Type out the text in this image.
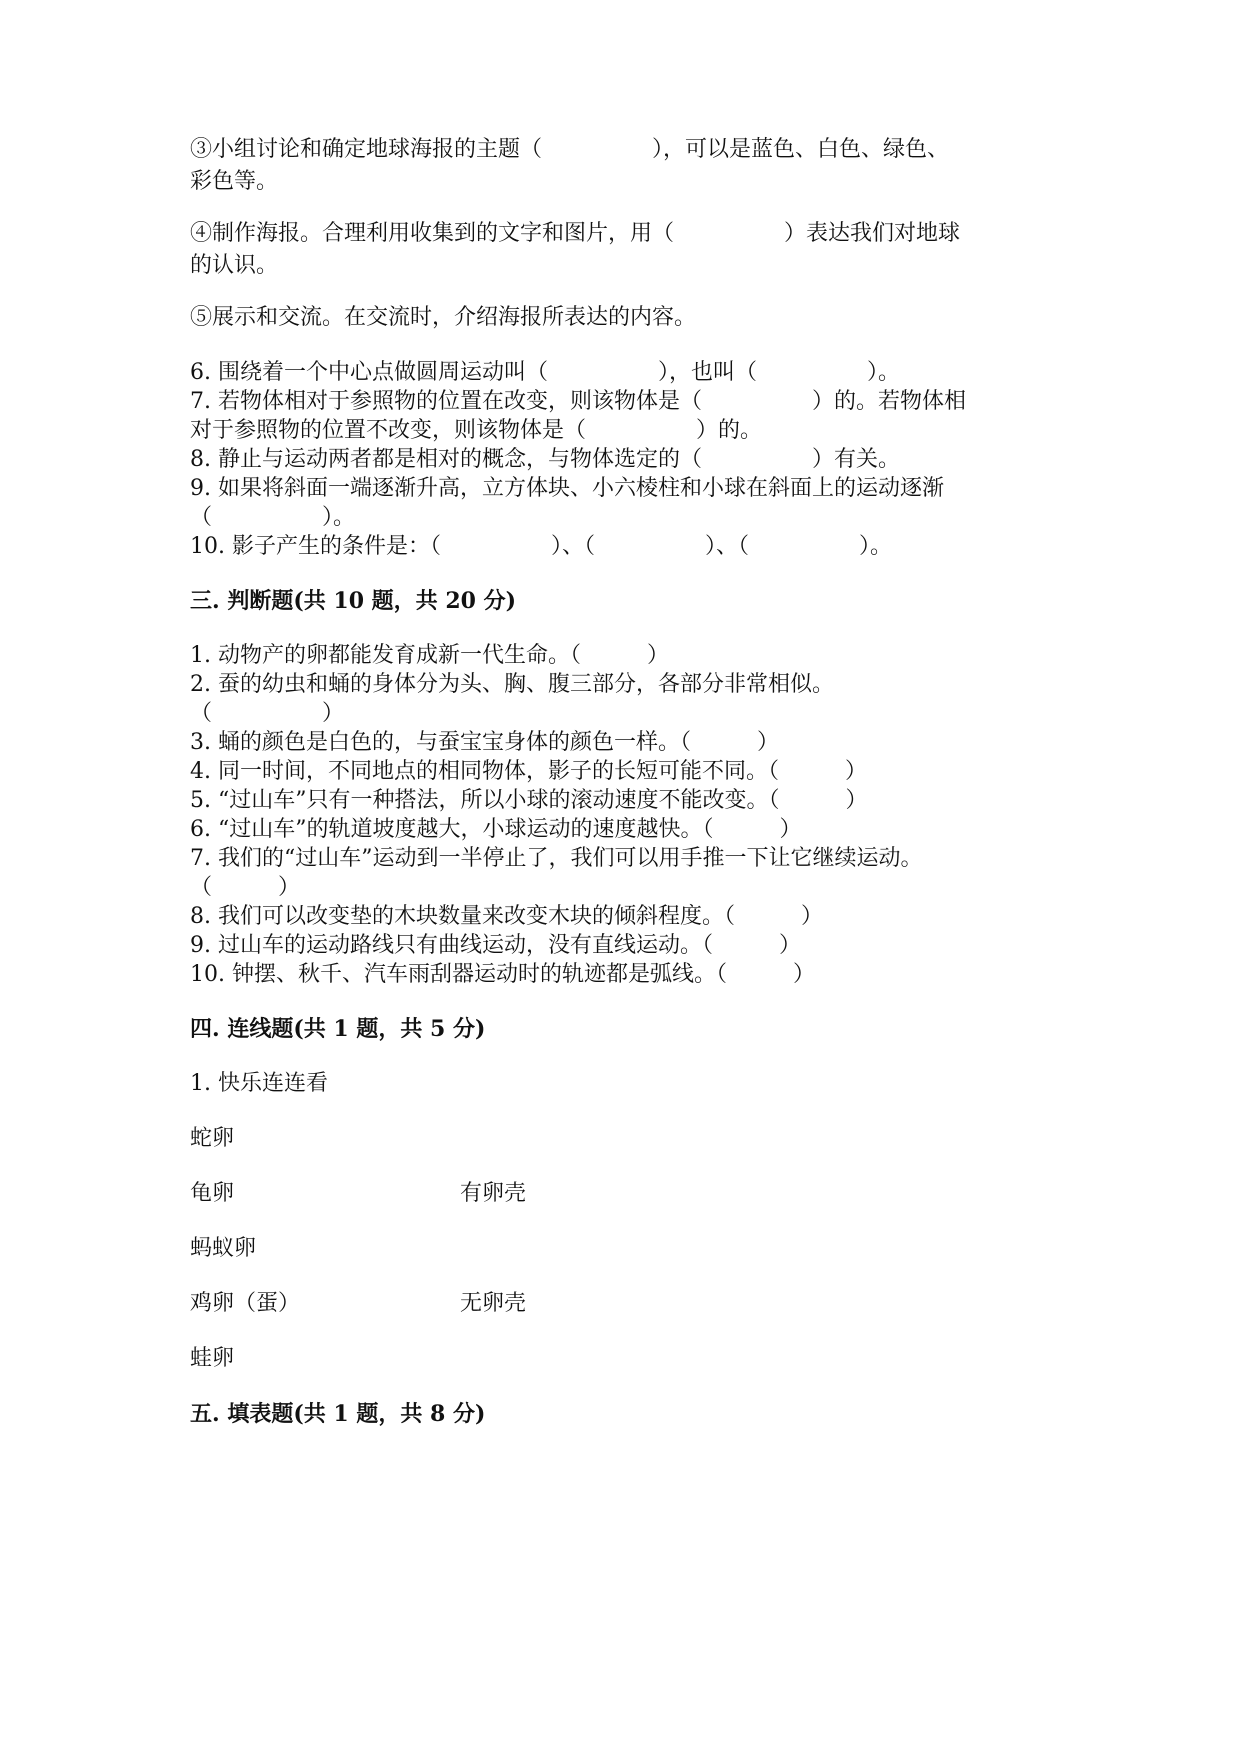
③小组讨论和确定地球海报的主题（　　　　　），可以是蓝色、白色、绿色、

彩色等。

④制作海报。合理利用收集到的文字和图片，用（　　　　　）表达我们对地球

的认识。

⑤展示和交流。在交流时，介绍海报所表达的内容。

6. 围绕着一个中心点做圆周运动叫（　　　　　），也叫（　　　　　）。

7. 若物体相对于参照物的位置在改变，则该物体是（　　　　　）的。若物体相

对于参照物的位置不改变，则该物体是（　　　　　）的。

8. 静止与运动两者都是相对的概念，与物体选定的（　　　　　）有关。

9. 如果将斜面一端逐渐升高，立方体块、小六棱柱和小球在斜面上的运动逐渐

（　　　　　）。

10. 影子产生的条件是：（　　　　　）、（　　　　　）、（　　　　　）。

三. 判断题(共 10 题，共 20 分)

1. 动物产的卵都能发育成新一代生命。（　　　）

2. 蚕的幼虫和蛹的身体分为头、胸、腹三部分，各部分非常相似。

（　　　　　）

3. 蛹的颜色是白色的，与蚕宝宝身体的颜色一样。（　　　）

4. 同一时间，不同地点的相同物体，影子的长短可能不同。（　　　）

5. “过山车”只有一种搭法，所以小球的滚动速度不能改变。（　　　）

6. “过山车”的轨道坡度越大，小球运动的速度越快。（　　　）

7. 我们的“过山车”运动到一半停止了，我们可以用手推一下让它继续运动。

（　　　）

8. 我们可以改变垫的木块数量来改变木块的倾斜程度。（　　　）

9. 过山车的运动路线只有曲线运动，没有直线运动。（　　　）

10. 钟摆、秋千、汽车雨刮器运动时的轨迹都是弧线。（　　　）

四. 连线题(共 1 题，共 5 分)

1. 快乐连连看

蛇卵

龟卵	有卵壳

蚂蚁卵

鸡卵（蛋）	无卵壳

蛙卵

五. 填表题(共 1 题，共 8 分)
